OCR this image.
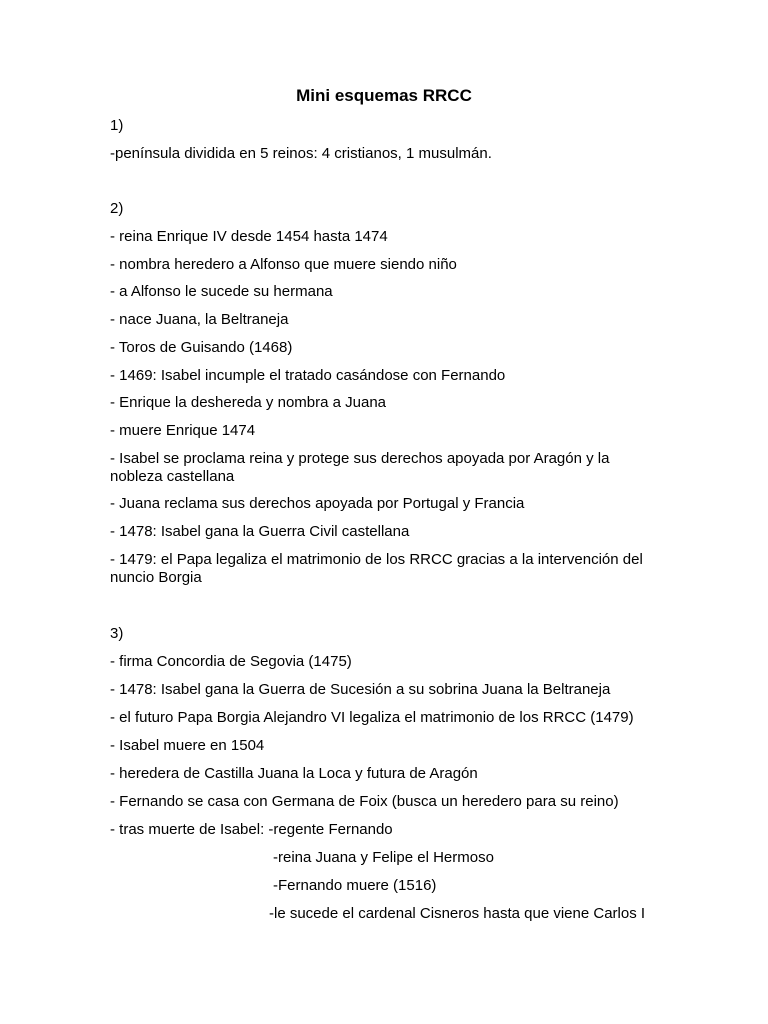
Mini esquemas RRCC
1)
-península dividida en 5 reinos: 4 cristianos, 1 musulmán.
2)
- reina Enrique IV desde 1454 hasta 1474
- nombra heredero a Alfonso que muere siendo niño
- a Alfonso le sucede su hermana
- nace Juana, la Beltraneja
- Toros de Guisando (1468)
- 1469: Isabel incumple el tratado casándose con Fernando
- Enrique la deshereda y nombra a Juana
- muere Enrique 1474
- Isabel se proclama reina y protege sus derechos apoyada por Aragón y la nobleza castellana
- Juana reclama sus derechos apoyada por Portugal y Francia
- 1478: Isabel gana la Guerra Civil castellana
- 1479: el Papa legaliza el matrimonio de los RRCC gracias a la intervención del nuncio Borgia
3)
- firma Concordia de Segovia (1475)
- 1478: Isabel gana la Guerra de Sucesión a su sobrina Juana la Beltraneja
- el futuro Papa Borgia Alejandro VI legaliza el matrimonio de los RRCC (1479)
- Isabel muere en 1504
- heredera de Castilla Juana la Loca y futura de Aragón
- Fernando se casa con Germana de Foix (busca un heredero para su reino)
- tras muerte de Isabel: -regente Fernando
-reina Juana y Felipe el Hermoso
-Fernando muere (1516)
-le sucede el cardenal Cisneros hasta que viene Carlos I
